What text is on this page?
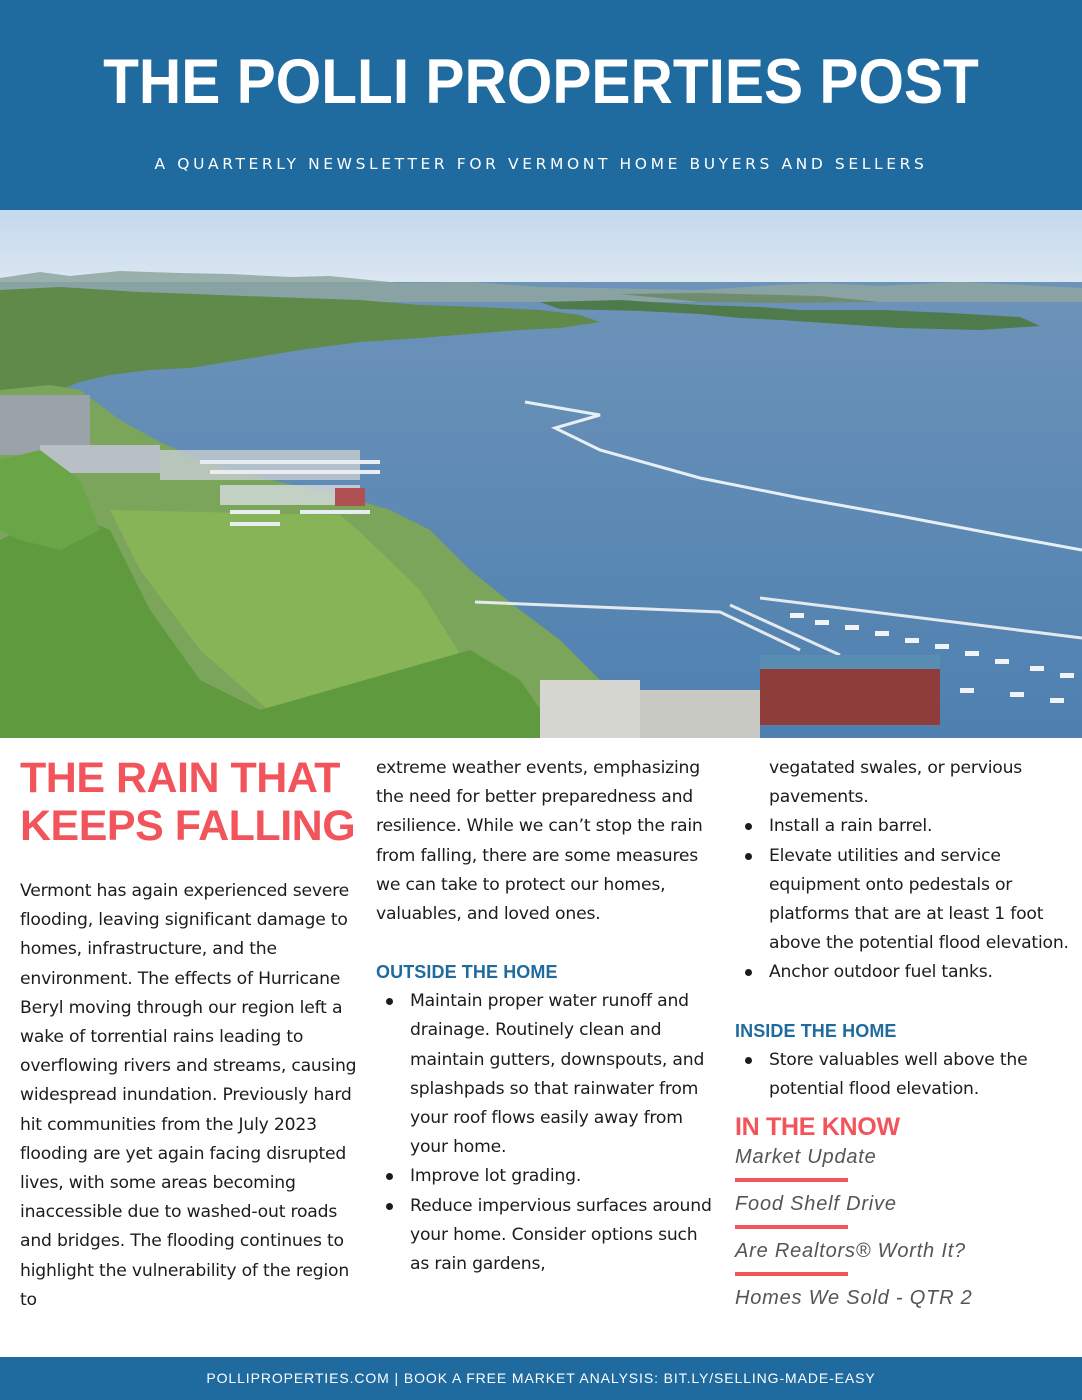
THE POLLI PROPERTIES POST
A QUARTERLY NEWSLETTER FOR VERMONT HOME BUYERS AND SELLERS
THE RAIN THAT
KEEPS FALLING

Vermont has again experienced severe flooding, leaving significant damage to homes, infrastructure, and the environment. The effects of Hurricane Beryl moving through our region left a wake of torrential rains leading to overflowing rivers and streams, causing widespread inundation. Previously hard hit communities from the July 2023 flooding are yet again facing disrupted lives, with some areas becoming inaccessible due to washed-out roads and bridges. The flooding continues to highlight the vulnerability of the region to

extreme weather events, emphasizing the need for better preparedness and resilience. While we can’t stop the rain from falling, there are some measures we can take to protect our homes, valuables, and loved ones.

OUTSIDE THE HOME
Maintain proper water runoff and drainage. Routinely clean and maintain gutters, downspouts, and splashpads so that rainwater from your roof flows easily away from your home.
Improve lot grading.
Reduce impervious surfaces around your home. Consider options such as rain gardens,
vegatated swales, or pervious pavements.
Install a rain barrel.
Elevate utilities and service equipment onto pedestals or platforms that are at least 1 foot above the potential flood elevation.
Anchor outdoor fuel tanks.
INSIDE THE HOME
Store valuables well above the potential flood elevation.
IN THE KNOW
Market Update
Food Shelf Drive
Are Realtors® Worth It?
Homes We Sold - QTR 2
POLLIPROPERTIES.COM | BOOK A FREE MARKET ANALYSIS: BIT.LY/SELLING-MADE-EASY
